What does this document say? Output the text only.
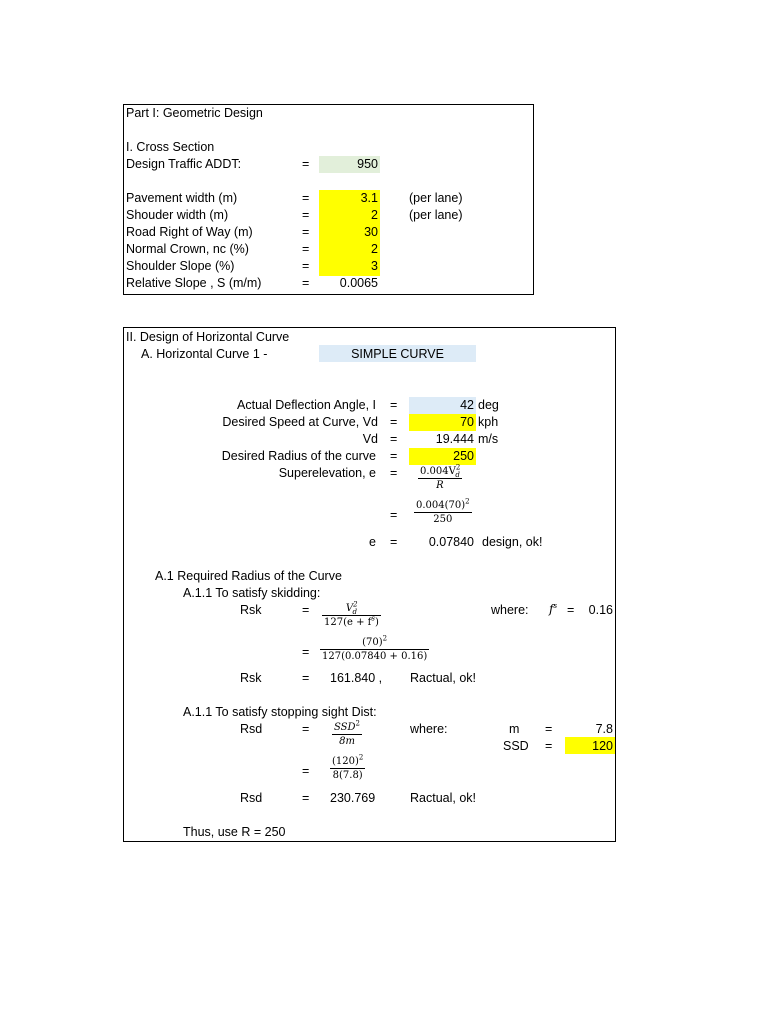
Part I: Geometric Design
I. Cross Section
Design Traffic ADDT:	=	950
Pavement width (m)	=	3.1 (per lane)
Shouder width (m)	=	2 (per lane)
Road Right of Way (m)	=	30
Normal Crown, nc (%)	=	2
Shoulder Slope (%)	=	3
Relative Slope , S (m/m)	=	0.0065
II. Design of Horizontal Curve
A. Horizontal Curve 1 -	SIMPLE CURVE
Actual Deflection Angle, I =	42 deg
Desired Speed at Curve, Vd =	70 kph
Vd =	19.444 m/s
Desired Radius of the curve =	250
Superelevation, $e = \frac{0.004V^2_d}{R}$
= $\frac{0.004(70)^2}{250}$
e =	0.07840 design, ok!
A.1 Required Radius of the Curve
A.1.1 To satisfy skidding:
Rsk	= $\frac{V^2_d}{127(e + f^s)}$	where: $f^s$ =	0.16
= $\frac{(70)^2}{127(0.07840 + 0.16)}$
Rsk	= 161.840 , Ractual, ok!
A.1.1 To satisfy stopping sight Dist:
Rsd	= $SSD^2$
8m
where:	m =	7.8
SSD =	120
= $\frac{(120)^2}{8(7.8)}$
Rsd	= 230.769	Ractual, ok!
Thus, use R = 250
